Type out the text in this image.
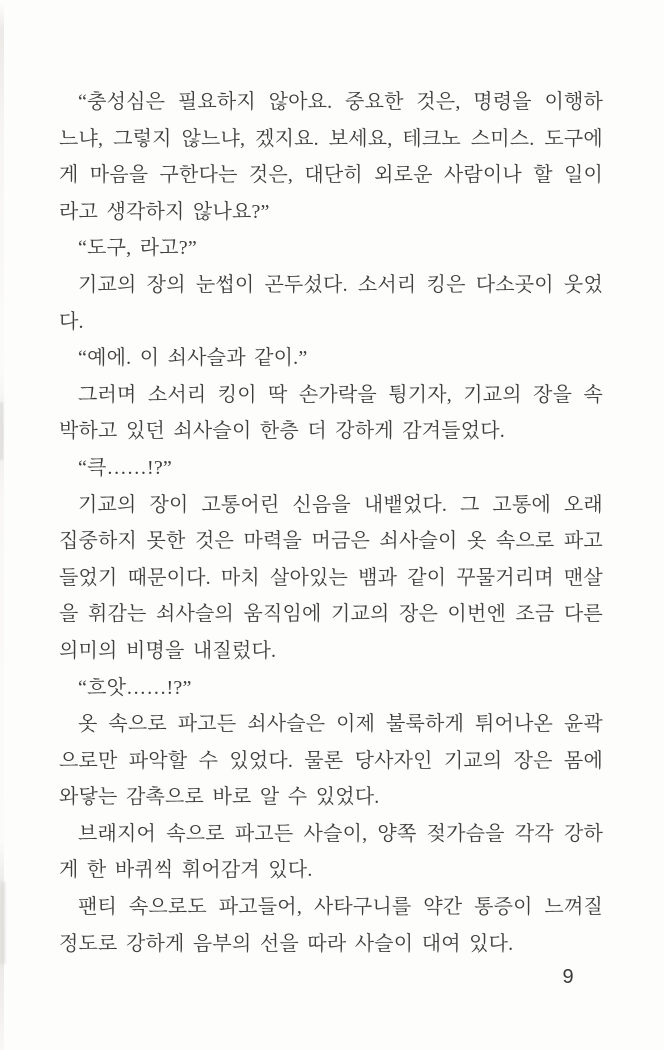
“충성심은 필요하지 않아요. 중요한 것은, 명령을 이행하
느냐, 그렇지 않느냐, 겠지요. 보세요, 테크노 스미스. 도구에
게 마음을 구한다는 것은, 대단히 외로운 사람이나 할 일이
라고 생각하지 않나요?”
“도구, 라고?”
기교의 장의 눈썹이 곤두섰다. 소서리 킹은 다소곳이 웃었
다.
“예에. 이 쇠사슬과 같이.”
그러며 소서리 킹이 딱 손가락을 튕기자, 기교의 장을 속
박하고 있던 쇠사슬이 한층 더 강하게 감겨들었다.
“큭……!?”
기교의 장이 고통어린 신음을 내뱉었다. 그 고통에 오래
집중하지 못한 것은 마력을 머금은 쇠사슬이 옷 속으로 파고
들었기 때문이다. 마치 살아있는 뱀과 같이 꾸물거리며 맨살
을 휘감는 쇠사슬의 움직임에 기교의 장은 이번엔 조금 다른
의미의 비명을 내질렀다.
“흐앗……!?”
옷 속으로 파고든 쇠사슬은 이제 불룩하게 튀어나온 윤곽
으로만 파악할 수 있었다. 물론 당사자인 기교의 장은 몸에
와닿는 감촉으로 바로 알 수 있었다.
브래지어 속으로 파고든 사슬이, 양쪽 젖가슴을 각각 강하
게 한 바퀴씩 휘어감겨 있다.
팬티 속으로도 파고들어, 사타구니를 약간 통증이 느껴질
정도로 강하게 음부의 선을 따라 사슬이 대여 있다.
9
